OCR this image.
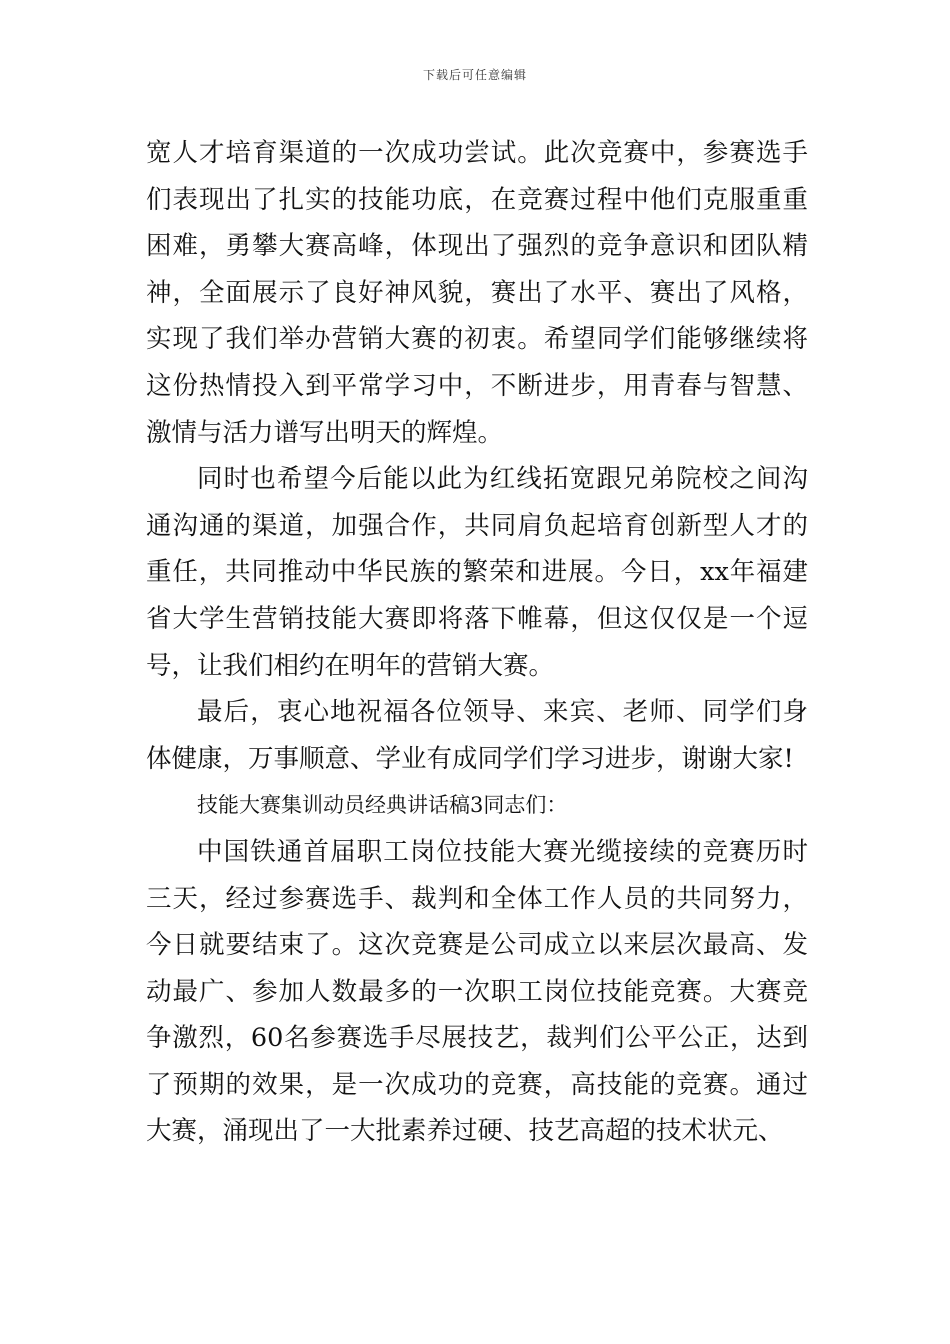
下载后可任意编辑

宽人才培育渠道的一次成功尝试。此次竞赛中，参赛选手们表现出了扎实的技能功底，在竞赛过程中他们克服重重困难，勇攀大赛高峰，体现出了强烈的竞争意识和团队精神，全面展示了良好神风貌，赛出了水平、赛出了风格，实现了我们举办营销大赛的初衷。希望同学们能够继续将这份热情投入到平常学习中，不断进步，用青春与智慧、激情与活力谱写出明天的辉煌。

同时也希望今后能以此为红线拓宽跟兄弟院校之间沟通沟通的渠道，加强合作，共同肩负起培育创新型人才的重任，共同推动中华民族的繁荣和进展。今日，xx年福建省大学生营销技能大赛即将落下帷幕，但这仅仅是一个逗号，让我们相约在明年的营销大赛。

最后，衷心地祝福各位领导、来宾、老师、同学们身体健康，万事顺意、学业有成同学们学习进步，谢谢大家!

技能大赛集训动员经典讲话稿3同志们：

中国铁通首届职工岗位技能大赛光缆接续的竞赛历时三天，经过参赛选手、裁判和全体工作人员的共同努力，今日就要结束了。这次竞赛是公司成立以来层次最高、发动最广、参加人数最多的一次职工岗位技能竞赛。大赛竞争激烈，60名参赛选手尽展技艺，裁判们公平公正，达到了预期的效果，是一次成功的竞赛，高技能的竞赛。通过大赛，涌现出了一大批素养过硬、技艺高超的技术状元、
